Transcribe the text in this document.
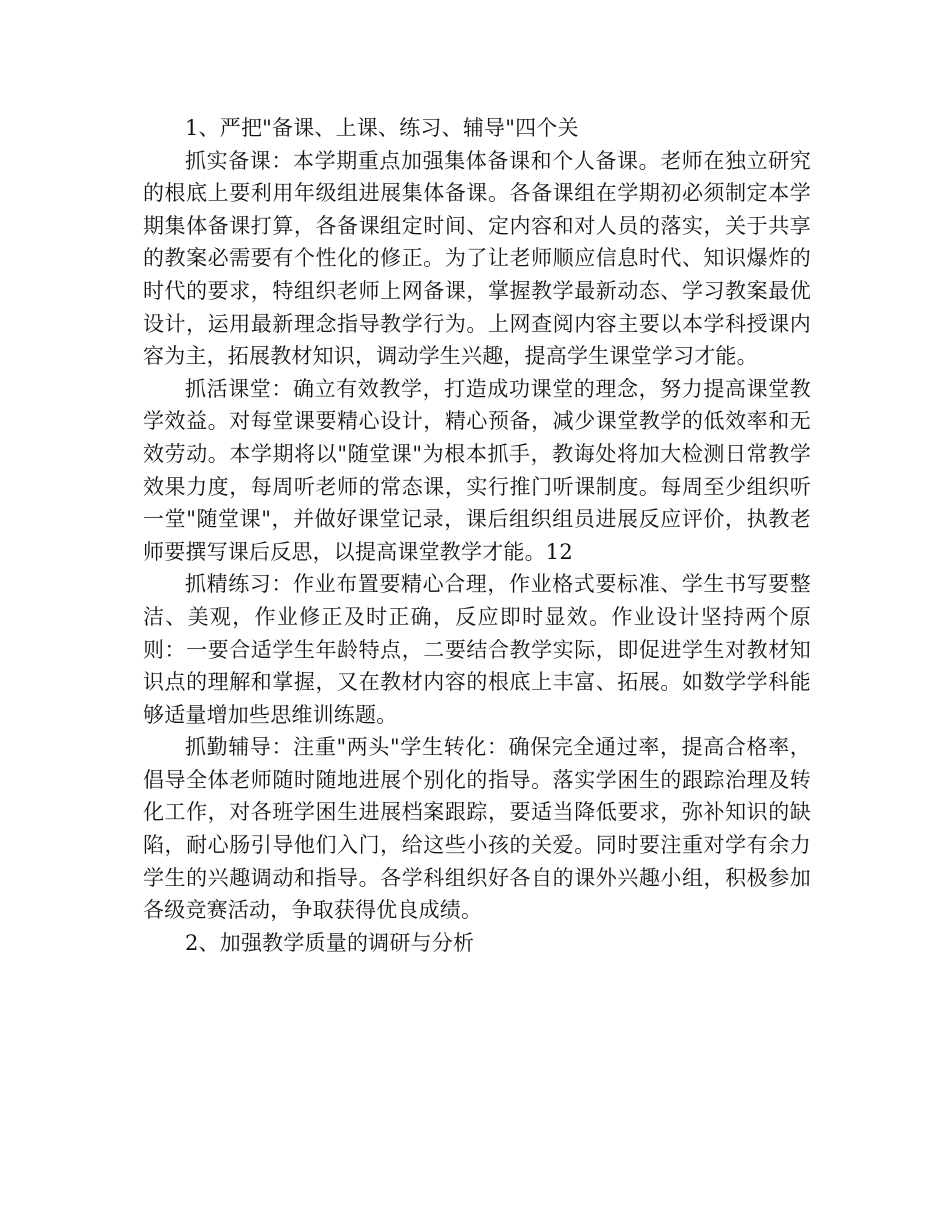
1、严把"备课、上课、练习、辅导"四个关

抓实备课：本学期重点加强集体备课和个人备课。老师在独立研究的根底上要利用年级组进展集体备课。各备课组在学期初必须制定本学期集体备课打算，各备课组定时间、定内容和对人员的落实，关于共享的教案必需要有个性化的修正。为了让老师顺应信息时代、知识爆炸的时代的要求，特组织老师上网备课，掌握教学最新动态、学习教案最优设计，运用最新理念指导教学行为。上网查阅内容主要以本学科授课内容为主，拓展教材知识，调动学生兴趣，提高学生课堂学习才能。

抓活课堂：确立有效教学，打造成功课堂的理念，努力提高课堂教学效益。对每堂课要精心设计，精心预备，减少课堂教学的低效率和无效劳动。本学期将以"随堂课"为根本抓手，教诲处将加大检测日常教学效果力度，每周听老师的常态课，实行推门听课制度。每周至少组织听一堂"随堂课"，并做好课堂记录，课后组织组员进展反应评价，执教老师要撰写课后反思，以提高课堂教学才能。12

抓精练习：作业布置要精心合理，作业格式要标准、学生书写要整洁、美观，作业修正及时正确，反应即时显效。作业设计坚持两个原则：一要合适学生年龄特点，二要结合教学实际，即促进学生对教材知识点的理解和掌握，又在教材内容的根底上丰富、拓展。如数学学科能够适量增加些思维训练题。

抓勤辅导：注重"两头"学生转化：确保完全通过率，提高合格率，倡导全体老师随时随地进展个别化的指导。落实学困生的跟踪治理及转化工作，对各班学困生进展档案跟踪，要适当降低要求，弥补知识的缺陷，耐心肠引导他们入门，给这些小孩的关爱。同时要注重对学有余力学生的兴趣调动和指导。各学科组织好各自的课外兴趣小组，积极参加各级竞赛活动，争取获得优良成绩。

2、加强教学质量的调研与分析
